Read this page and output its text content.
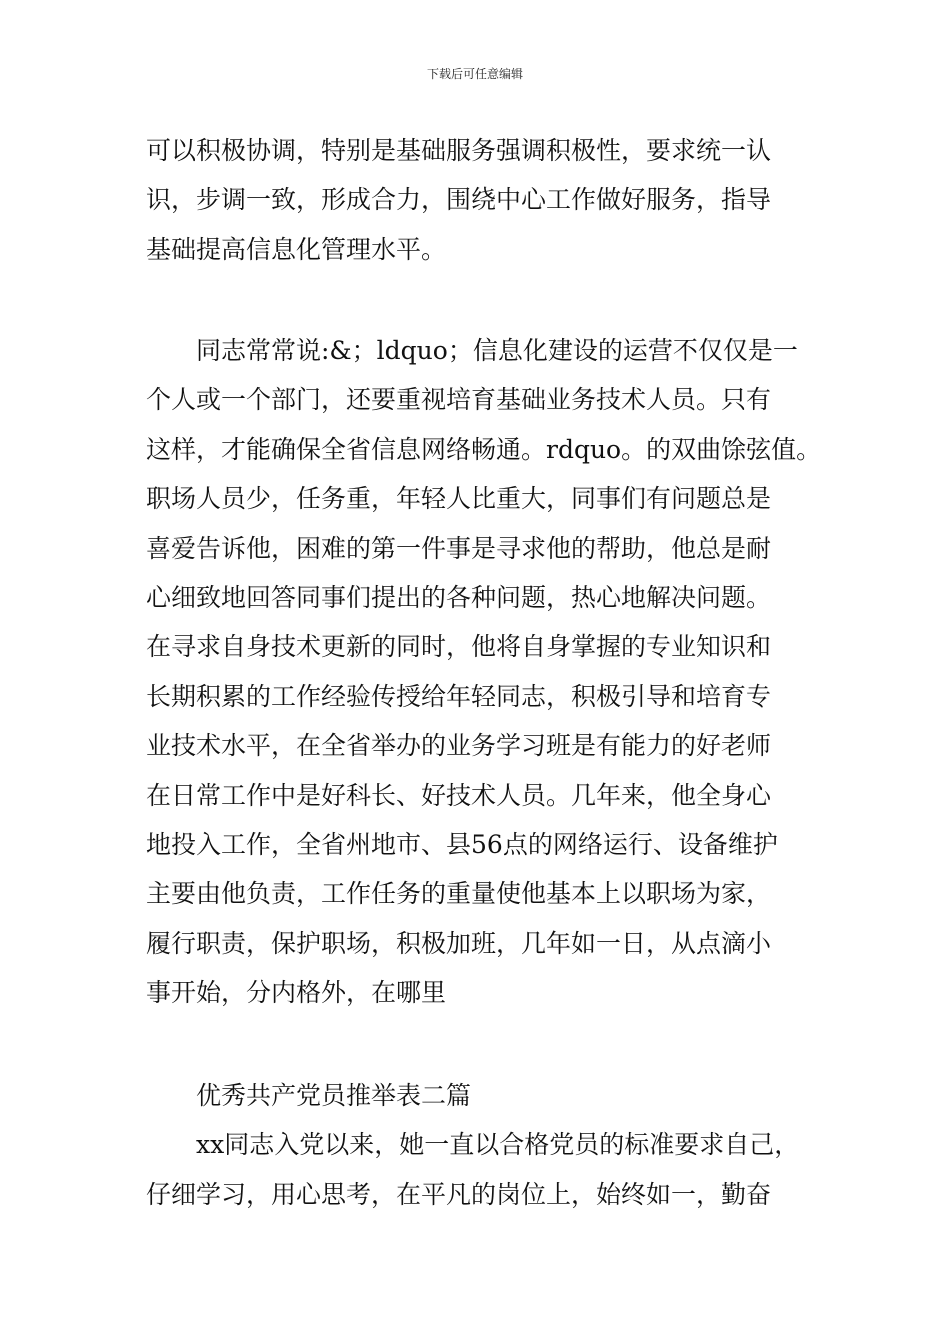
下载后可任意编辑
可以积极协调，特别是基础服务强调积极性，要求统一认
识，步调一致，形成合力，围绕中心工作做好服务，指导
基础提高信息化管理水平。
同志常常说:&；ldquo；信息化建设的运营不仅仅是一
个人或一个部门，还要重视培育基础业务技术人员。只有
这样，才能确保全省信息网络畅通。rdquo。的双曲馀弦值。
职场人员少，任务重，年轻人比重大，同事们有问题总是
喜爱告诉他，困难的第一件事是寻求他的帮助，他总是耐
心细致地回答同事们提出的各种问题，热心地解决问题。
在寻求自身技术更新的同时，他将自身掌握的专业知识和
长期积累的工作经验传授给年轻同志，积极引导和培育专
业技术水平，在全省举办的业务学习班是有能力的好老师
在日常工作中是好科长、好技术人员。几年来，他全身心
地投入工作，全省州地市、县56点的网络运行、设备维护
主要由他负责，工作任务的重量使他基本上以职场为家，
履行职责，保护职场，积极加班，几年如一日，从点滴小
事开始，分内格外，在哪里
优秀共产党员推举表二篇
xx同志入党以来，她一直以合格党员的标准要求自己，
仔细学习，用心思考，在平凡的岗位上，始终如一，勤奋
